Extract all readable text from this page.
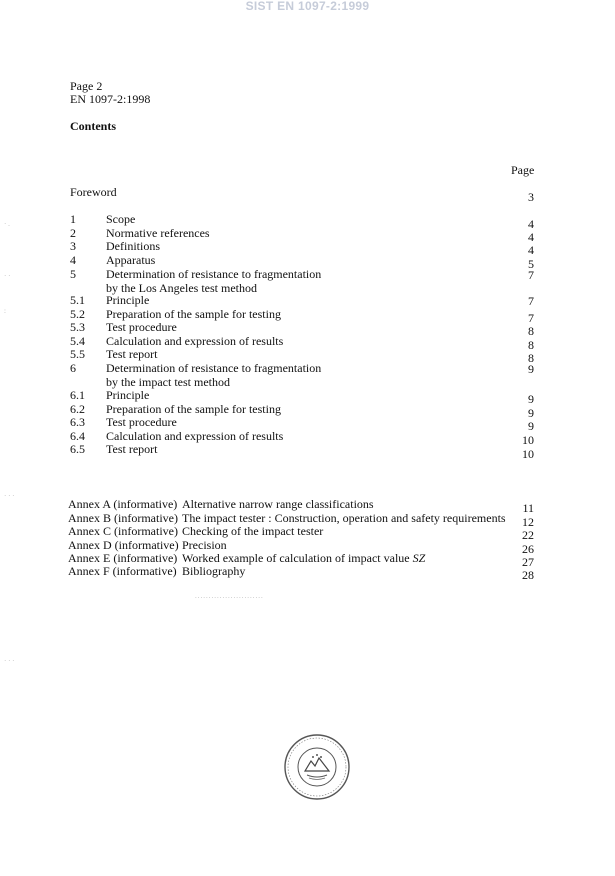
SIST EN 1097-2:1999
Page 2
EN 1097-2:1998
Contents
Page
Foreword	3
1	Scope	4
2	Normative references	4
3	Definitions	4
4	Apparatus	5
5	Determination of resistance to fragmentation
by the Los Angeles test method
7
5.1 Principle	7
5.2 Preparation of the sample for testing	7
5.3 Test procedure	8
5.4 Calculation and expression of results	8
5.5 Test report	8
6	Determination of resistance to fragmentation
by the impact test method
9
6.1 Principle	9
6.2 Preparation of the sample for testing	9
6.3 Test procedure	9
6.4 Calculation and expression of results	10
6.5 Test report	10
Annex A (informative) Alternative narrow range classifications	11
Annex B (informative) The impact tester : Construction, operation and safety requirements 12
Annex C (informative) Checking of the impact tester	22
Annex D (informative) Precision	26
Annex E (informative) Worked example of calculation of impact value SZ	27
Annex F (informative) Bibliography	28
· .
· ·
:
· · ·
· · ·
.........................
